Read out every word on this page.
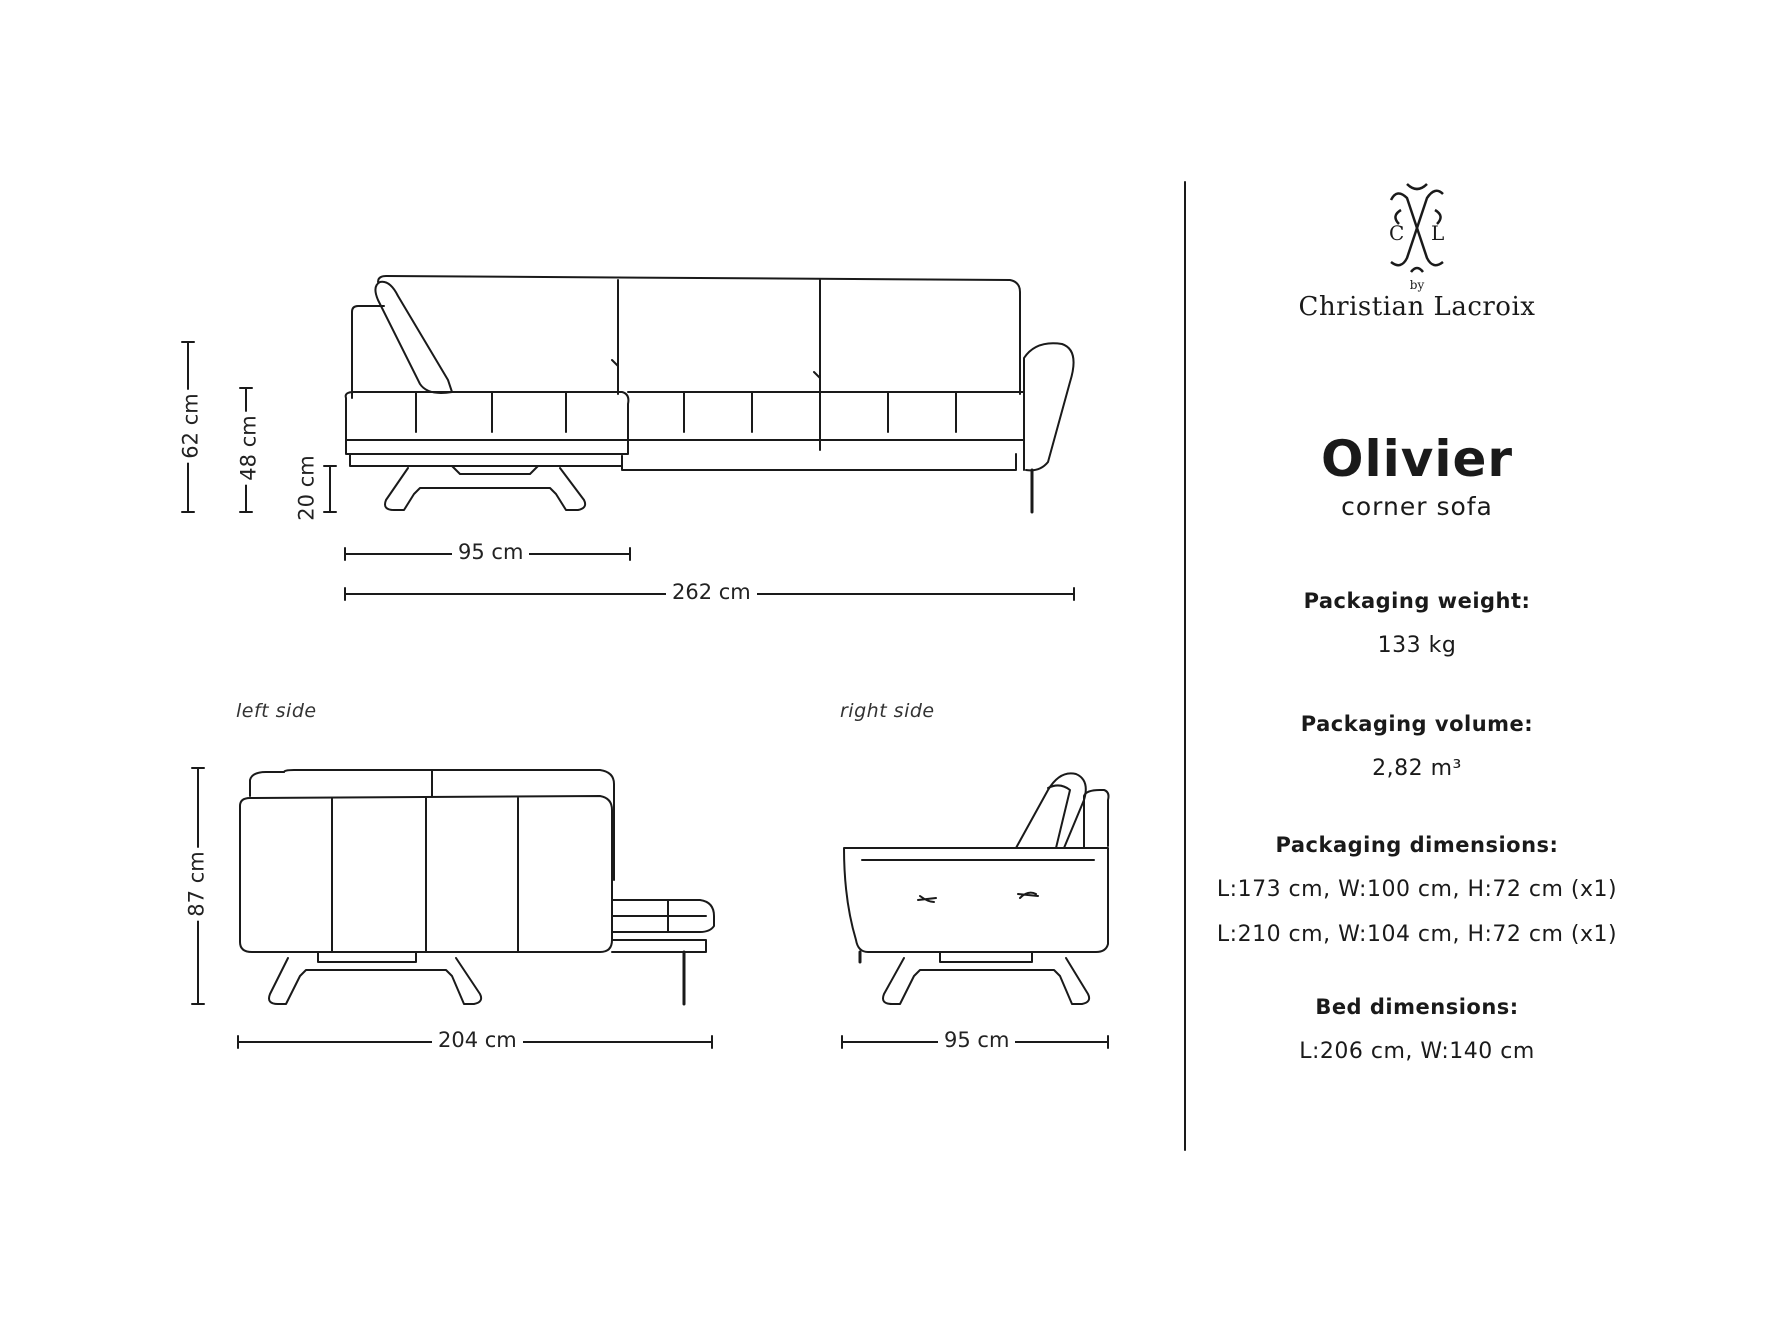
62 cm 48 cm
20 cm
95 cm
262 cm
left side	right side
87 cm
204 cm	95 cm
C L
by
Christian Lacroix
Olivier
corner sofa
Packaging weight:
133 kg
Packaging volume:
2,82 m³
Packaging dimensions:
L:173 cm, W:100 cm, H:72 cm (x1)
L:210 cm, W:104 cm, H:72 cm (x1)
Bed dimensions:
L:206 cm, W:140 cm
